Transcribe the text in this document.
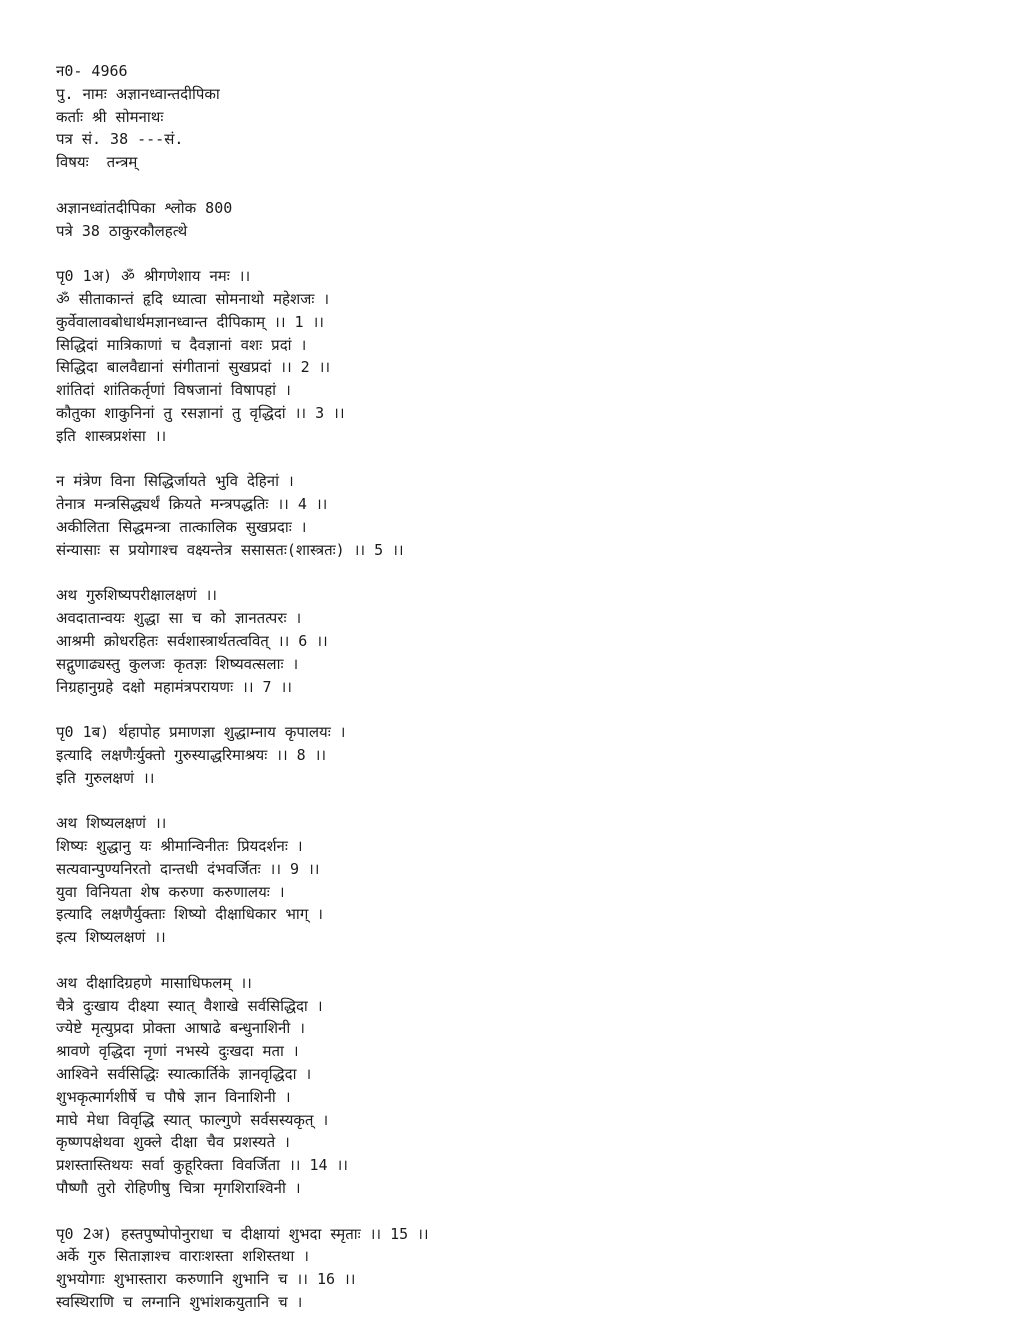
न0- 4966
पु. नामः अज्ञानध्वान्तदीपिका
कर्ताः श्री सोमनाथः
पत्र सं. 38 ---सं.
विषयः  तन्त्रम्
अज्ञानध्वांतदीपिका श्लोक 800
पत्रे 38 ठाकुरकौलहत्थे
पृ0 1अ) ॐ श्रीगणेशाय नमः ।।
ॐ सीताकान्तं हृदि ध्यात्वा सोमनाथो महेशजः ।
कुर्वेवालावबोधार्थमज्ञानध्वान्त दीपिकाम् ।। 1 ।।
सिद्धिदां मात्रिकाणां च दैवज्ञानां वशः प्रदां ।
सिद्धिदा बालवैद्यानां संगीतानां सुखप्रदां ।। 2 ।।
शांतिदां शांतिकर्तृणां विषजानां विषापहां ।
कौतुका शाकुनिनां तु रसज्ञानां तु वृद्धिदां ।। 3 ।।
इति शास्त्रप्रशंसा ।।
न मंत्रेण विना सिद्धिर्जायते भुवि देहिनां ।
तेनात्र मन्त्रसिद्ध्यर्थं क्रियते मन्त्रपद्धतिः ।। 4 ।।
अकीलिता सिद्धमन्त्रा तात्कालिक सुखप्रदाः ।
संन्यासाः स प्रयोगाश्च वक्ष्यन्तेत्र ससासतः(शास्त्रतः) ।। 5 ।।
अथ गुरुशिष्यपरीक्षालक्षणं ।।
अवदातान्वयः शुद्धा सा च को ज्ञानतत्परः ।
आश्रमी क्रोधरहितः सर्वशास्त्रार्थतत्ववित् ।। 6 ।।
सद्गुणाढ्यस्तु कुलजः कृतज्ञः शिष्यवत्सलाः ।
निग्रहानुग्रहे दक्षो महामंत्रपरायणः ।। 7 ।।
पृ0 1ब) र्थहापोह प्रमाणज्ञा शुद्धाम्नाय कृपालयः ।
इत्यादि लक्षणैःर्युक्तो गुरुस्याद्धरिमाश्रयः ।। 8 ।।
इति गुरुलक्षणं ।।
अथ शिष्यलक्षणं ।।
शिष्यः शुद्धानु यः श्रीमान्विनीतः प्रियदर्शनः ।
सत्यवान्पुण्यनिरतो दान्तधी दंभवर्जितः ।। 9 ।।
युवा विनियता शेष करुणा करुणालयः ।
इत्यादि लक्षणैर्युक्ताः शिष्यो दीक्षाधिकार भाग् ।
इत्य शिष्यलक्षणं ।।
अथ दीक्षादिग्रहणे मासाधिफलम् ।।
चैत्रे दुःखाय दीक्ष्या स्यात् वैशाखे सर्वसिद्धिदा ।
ज्येष्टे मृत्युप्रदा प्रोक्ता आषाढे बन्धुनाशिनी ।
श्रावणे वृद्धिदा नृणां नभस्ये दुःखदा मता ।
आश्विने सर्वसिद्धिः स्यात्कार्तिके ज्ञानवृद्धिदा ।
शुभकृत्मार्गशीर्षे च पौषे ज्ञान विनाशिनी ।
माघे मेधा विवृद्धि स्यात् फाल्गुणे सर्वसस्यकृत् ।
कृष्णपक्षेथवा शुक्ले दीक्षा चैव प्रशस्यते ।
प्रशस्तास्तिथयः सर्वा कुहूरिक्ता विवर्जिता ।। 14 ।।
पौष्णौ तुरो रोहिणीषु चित्रा मृगशिराश्विनी ।
पृ0 2अ) हस्तपुष्पोपोनुराधा च दीक्षायां शुभदा स्मृताः ।। 15 ।।
अर्के गुरु सिताज्ञाश्च वाराःशस्ता शशिस्तथा ।
शुभयोगाः शुभास्तारा करुणानि शुभानि च ।। 16 ।।
स्वस्थिराणि च लग्नानि शुभांशकयुतानि च ।
